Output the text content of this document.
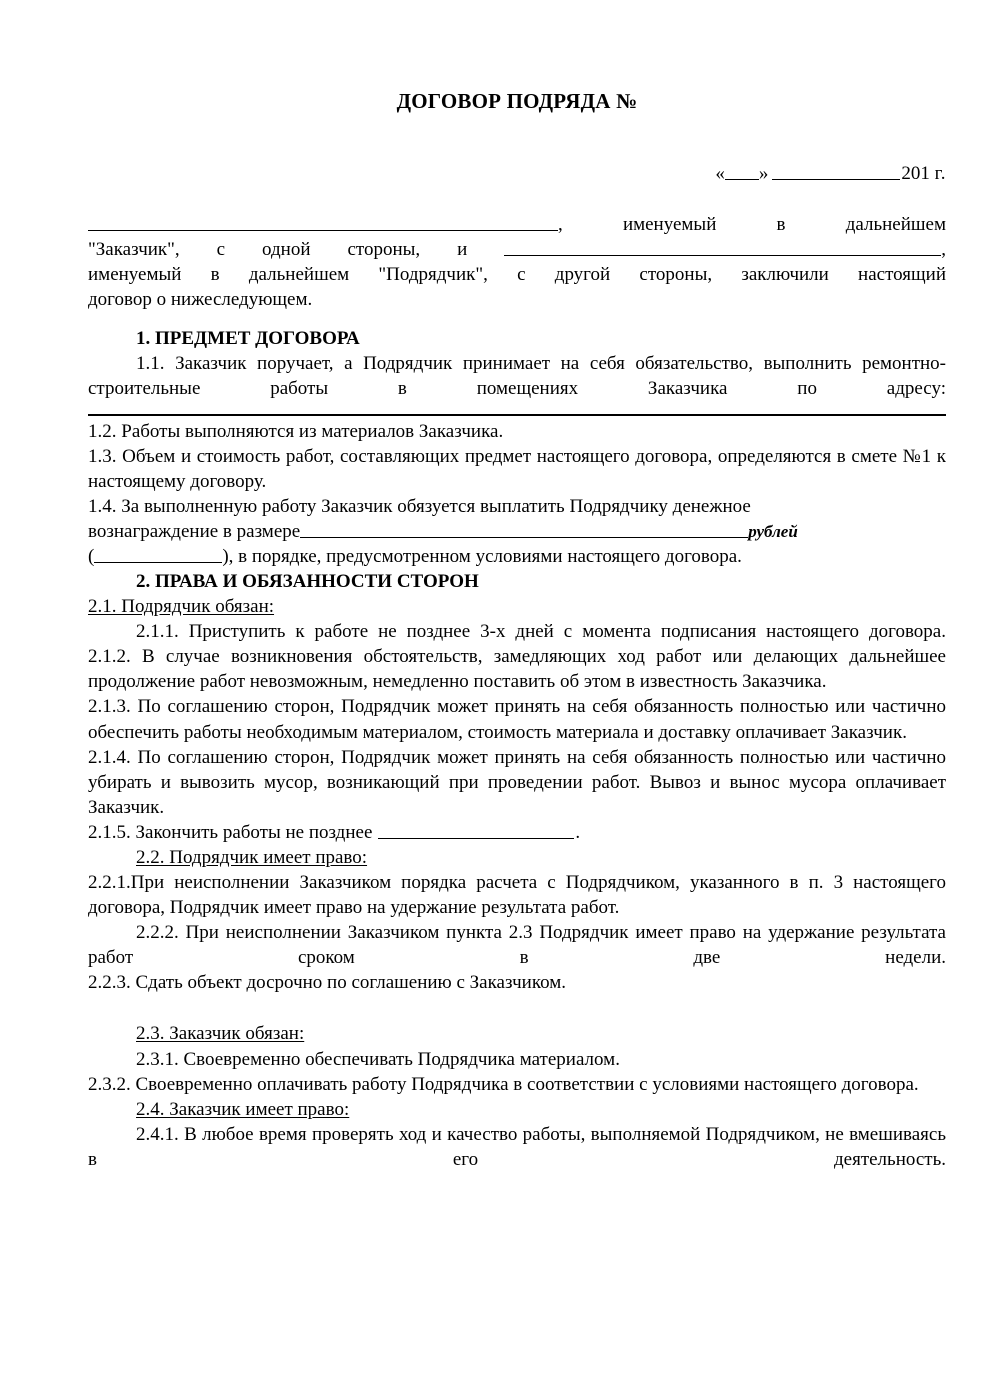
ДОГОВОР ПОДРЯДА №
« »	201 г.

, именуемый в дальнейшем

"Заказчик", с одной стороны, и	,

именуемый в дальнейшем "Подрядчик", с другой стороны, заключили настоящий

договор о нижеследующем.

1. ПРЕДМЕТ ДОГОВОРА

1.1. Заказчик поручает, а Подрядчик принимает на себя обязательство, выполнить ремонтно-строительные работы в помещениях Заказчика по адресу:

1.2. Работы выполняются из материалов Заказчика.

1.3. Объем и стоимость работ, составляющих предмет настоящего договора, определяются в смете №1 к настоящему договору.

1.4. За выполненную работу Заказчик обязуется выплатить Подрядчику денежное

вознаграждение в размере	рублей

(	), в порядке, предусмотренном условиями настоящего договора.

2. ПРАВА И ОБЯЗАННОСТИ СТОРОН

2.1. Подрядчик обязан:

2.1.1. Приступить к работе не позднее 3-х дней с момента подписания настоящего договора.

2.1.2. В случае возникновения обстоятельств, замедляющих ход работ или делающих дальнейшее продолжение работ невозможным, немедленно поставить об этом в известность Заказчика.

2.1.3. По соглашению сторон, Подрядчик может принять на себя обязанность полностью или частично обеспечить работы необходимым материалом, стоимость материала и доставку оплачивает Заказчик.

2.1.4. По соглашению сторон, Подрядчик может принять на себя обязанность полностью или частично убирать и вывозить мусор, возникающий при проведении работ. Вывоз и вынос мусора оплачивает Заказчик.

2.1.5. Закончить работы не позднее	.

2.2. Подрядчик имеет право:

2.2.1.При неисполнении Заказчиком порядка расчета с Подрядчиком, указанного в п. 3 настоящего договора, Подрядчик имеет право на удержание результата работ.

2.2.2. При неисполнении Заказчиком пункта 2.3 Подрядчик имеет право на удержание результата работ сроком в две недели.

2.2.3. Сдать объект досрочно по соглашению с Заказчиком.

2.3. Заказчик обязан:

2.3.1. Своевременно обеспечивать Подрядчика материалом.

2.3.2. Своевременно оплачивать работу Подрядчика в соответствии с условиями настоящего договора.

2.4. Заказчик имеет право:

2.4.1. В любое время проверять ход и качество работы, выполняемой Подрядчиком, не вмешиваясь в его деятельность.
